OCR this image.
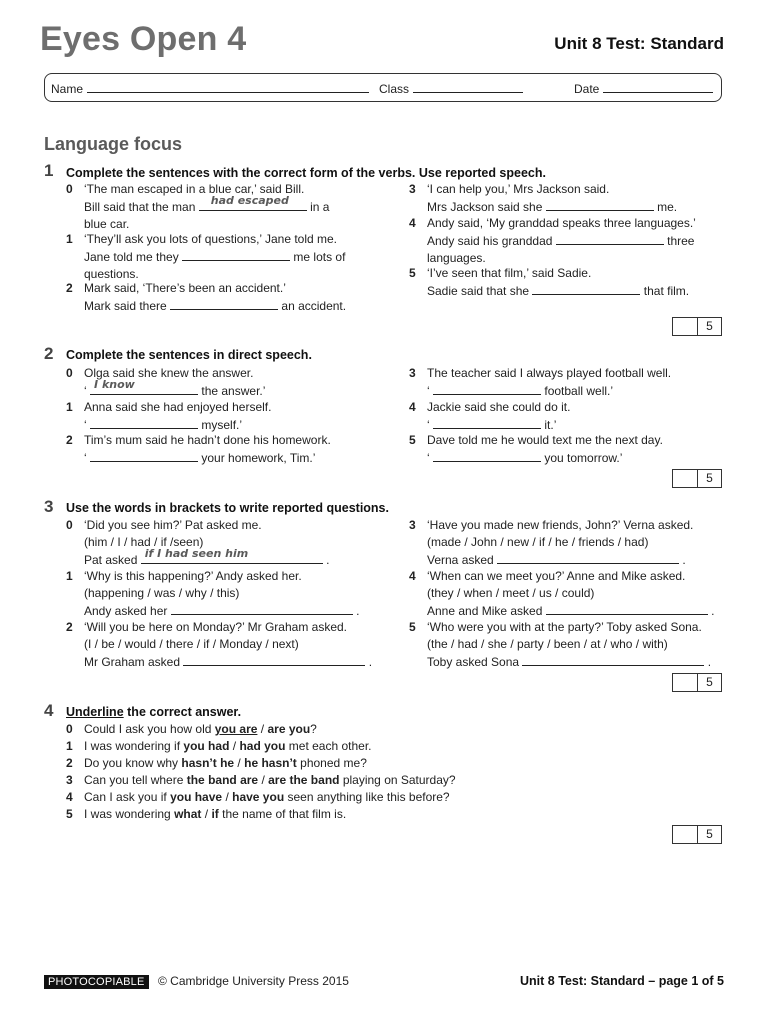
Eyes Open 4	Unit 8 Test: Standard
Name	Class	Date
Language focus
1 Complete the sentences with the correct form of the verbs. Use reported speech.
0 ‘The man escaped in a blue car,’ said Bill.
Bill said that the man had escaped in a
blue car.
1 ‘They’ll ask you lots of questions,’ Jane told me.
Jane told me they	me lots of
questions.
2 Mark said, ‘There’s been an accident.’
Mark said there	an accident.
3 ‘I can help you,’ Mrs Jackson said.
Mrs Jackson said she	me.
4 Andy said, ‘My granddad speaks three languages.’
Andy said his granddad	three
languages.
5 ‘I’ve seen that film,’ said Sadie.
Sadie said that she	that film.
5
2 Complete the sentences in direct speech.
0 Olga said she knew the answer.
‘ I know	the answer.’
1 Anna said she had enjoyed herself.
‘	myself.’
2 Tim’s mum said he hadn’t done his homework.
‘	your homework, Tim.’
3 The teacher said I always played football well.
‘	football well.’
4 Jackie said she could do it.
‘	it.’
5 Dave told me he would text me the next day.
‘	you tomorrow.’
5
3 Use the words in brackets to write reported questions.
0 ‘Did you see him?’ Pat asked me.
(him / I / had / if /seen)
Pat asked if I had seen him	.
1 ‘Why is this happening?’ Andy asked her.
(happening / was / why / this)
Andy asked her	.
2 ‘Will you be here on Monday?’ Mr Graham asked.
(I / be / would / there / if / Monday / next)
Mr Graham asked	.
3 ‘Have you made new friends, John?’ Verna asked.
(made / John / new / if / he / friends / had)
Verna asked	.
4 ‘When can we meet you?’ Anne and Mike asked.
(they / when / meet / us / could)
Anne and Mike asked	.
5 ‘Who were you with at the party?’ Toby asked Sona.
(the / had / she / party / been / at / who / with)
Toby asked Sona	.
5
4 Underline the correct answer.
0 Could I ask you how old you are / are you?
1 I was wondering if you had / had you met each other.
2 Do you know why hasn’t he / he hasn’t phoned me?
3 Can you tell where the band are / are the band playing on Saturday?
4 Can I ask you if you have / have you seen anything like this before?
5 I was wondering what / if the name of that film is.
5
PHOTOCOPIABLE	© Cambridge University Press 2015	Unit 8 Test: Standard – page 1 of 5
